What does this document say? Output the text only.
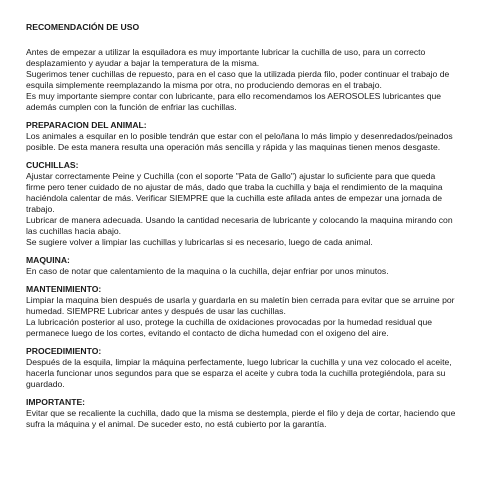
RECOMENDACIÓN DE USO
Antes de empezar a utilizar la esquiladora es muy importante lubricar la cuchilla de uso, para un correcto
desplazamiento y ayudar a bajar la temperatura de la misma.
Sugerimos tener cuchillas de repuesto, para en el caso que la utilizada pierda filo, poder continuar el trabajo de
esquila simplemente reemplazando la misma por otra, no produciendo demoras en el trabajo.
Es muy importante siempre contar con lubricante, para ello recomendamos los AEROSOLES lubricantes que
además cumplen con la función de enfriar las cuchillas.
PREPARACION DEL ANIMAL:
Los animales a esquilar en lo posible tendrán que estar con el pelo/lana lo más limpio y desenredados/peinados
posible. De esta manera resulta una operación más sencilla y rápida y las maquinas tienen menos desgaste.
CUCHILLAS:
Ajustar correctamente Peine y Cuchilla (con el soporte "Pata de Gallo") ajustar lo suficiente para que queda
firme pero tener cuidado de no ajustar de más, dado que traba la cuchilla y baja el rendimiento de la maquina
haciéndola calentar de más. Verificar SIEMPRE que la cuchilla este afilada antes de empezar una jornada de
trabajo.
Lubricar de manera adecuada. Usando la cantidad necesaria de lubricante y colocando la maquina mirando con
las cuchillas hacia abajo.
Se sugiere volver a limpiar las cuchillas y lubricarlas si es necesario, luego de cada animal.
MAQUINA:
En caso de notar que calentamiento de la maquina o la cuchilla, dejar enfriar por unos minutos.
MANTENIMIENTO:
Limpiar la maquina bien después de usarla y guardarla en su maletín bien cerrada para evitar que se arruine por
humedad. SIEMPRE Lubricar antes y después de usar las cuchillas.
La lubricación posterior al uso, protege la cuchilla de oxidaciones provocadas por la humedad residual que
permanece luego de los cortes, evitando el contacto de dicha humedad con el oxigeno del aire.
PROCEDIMIENTO:
Después de la esquila, limpiar la máquina perfectamente, luego lubricar la cuchilla y una vez colocado el aceite,
hacerla funcionar unos segundos para que se esparza el aceite y cubra toda la cuchilla protegiéndola, para su
guardado.
IMPORTANTE:
Evitar que se recaliente la cuchilla, dado que la misma se destempla, pierde el filo y deja de cortar, haciendo que
sufra la máquina y el animal. De suceder esto, no está cubierto por la garantía.
